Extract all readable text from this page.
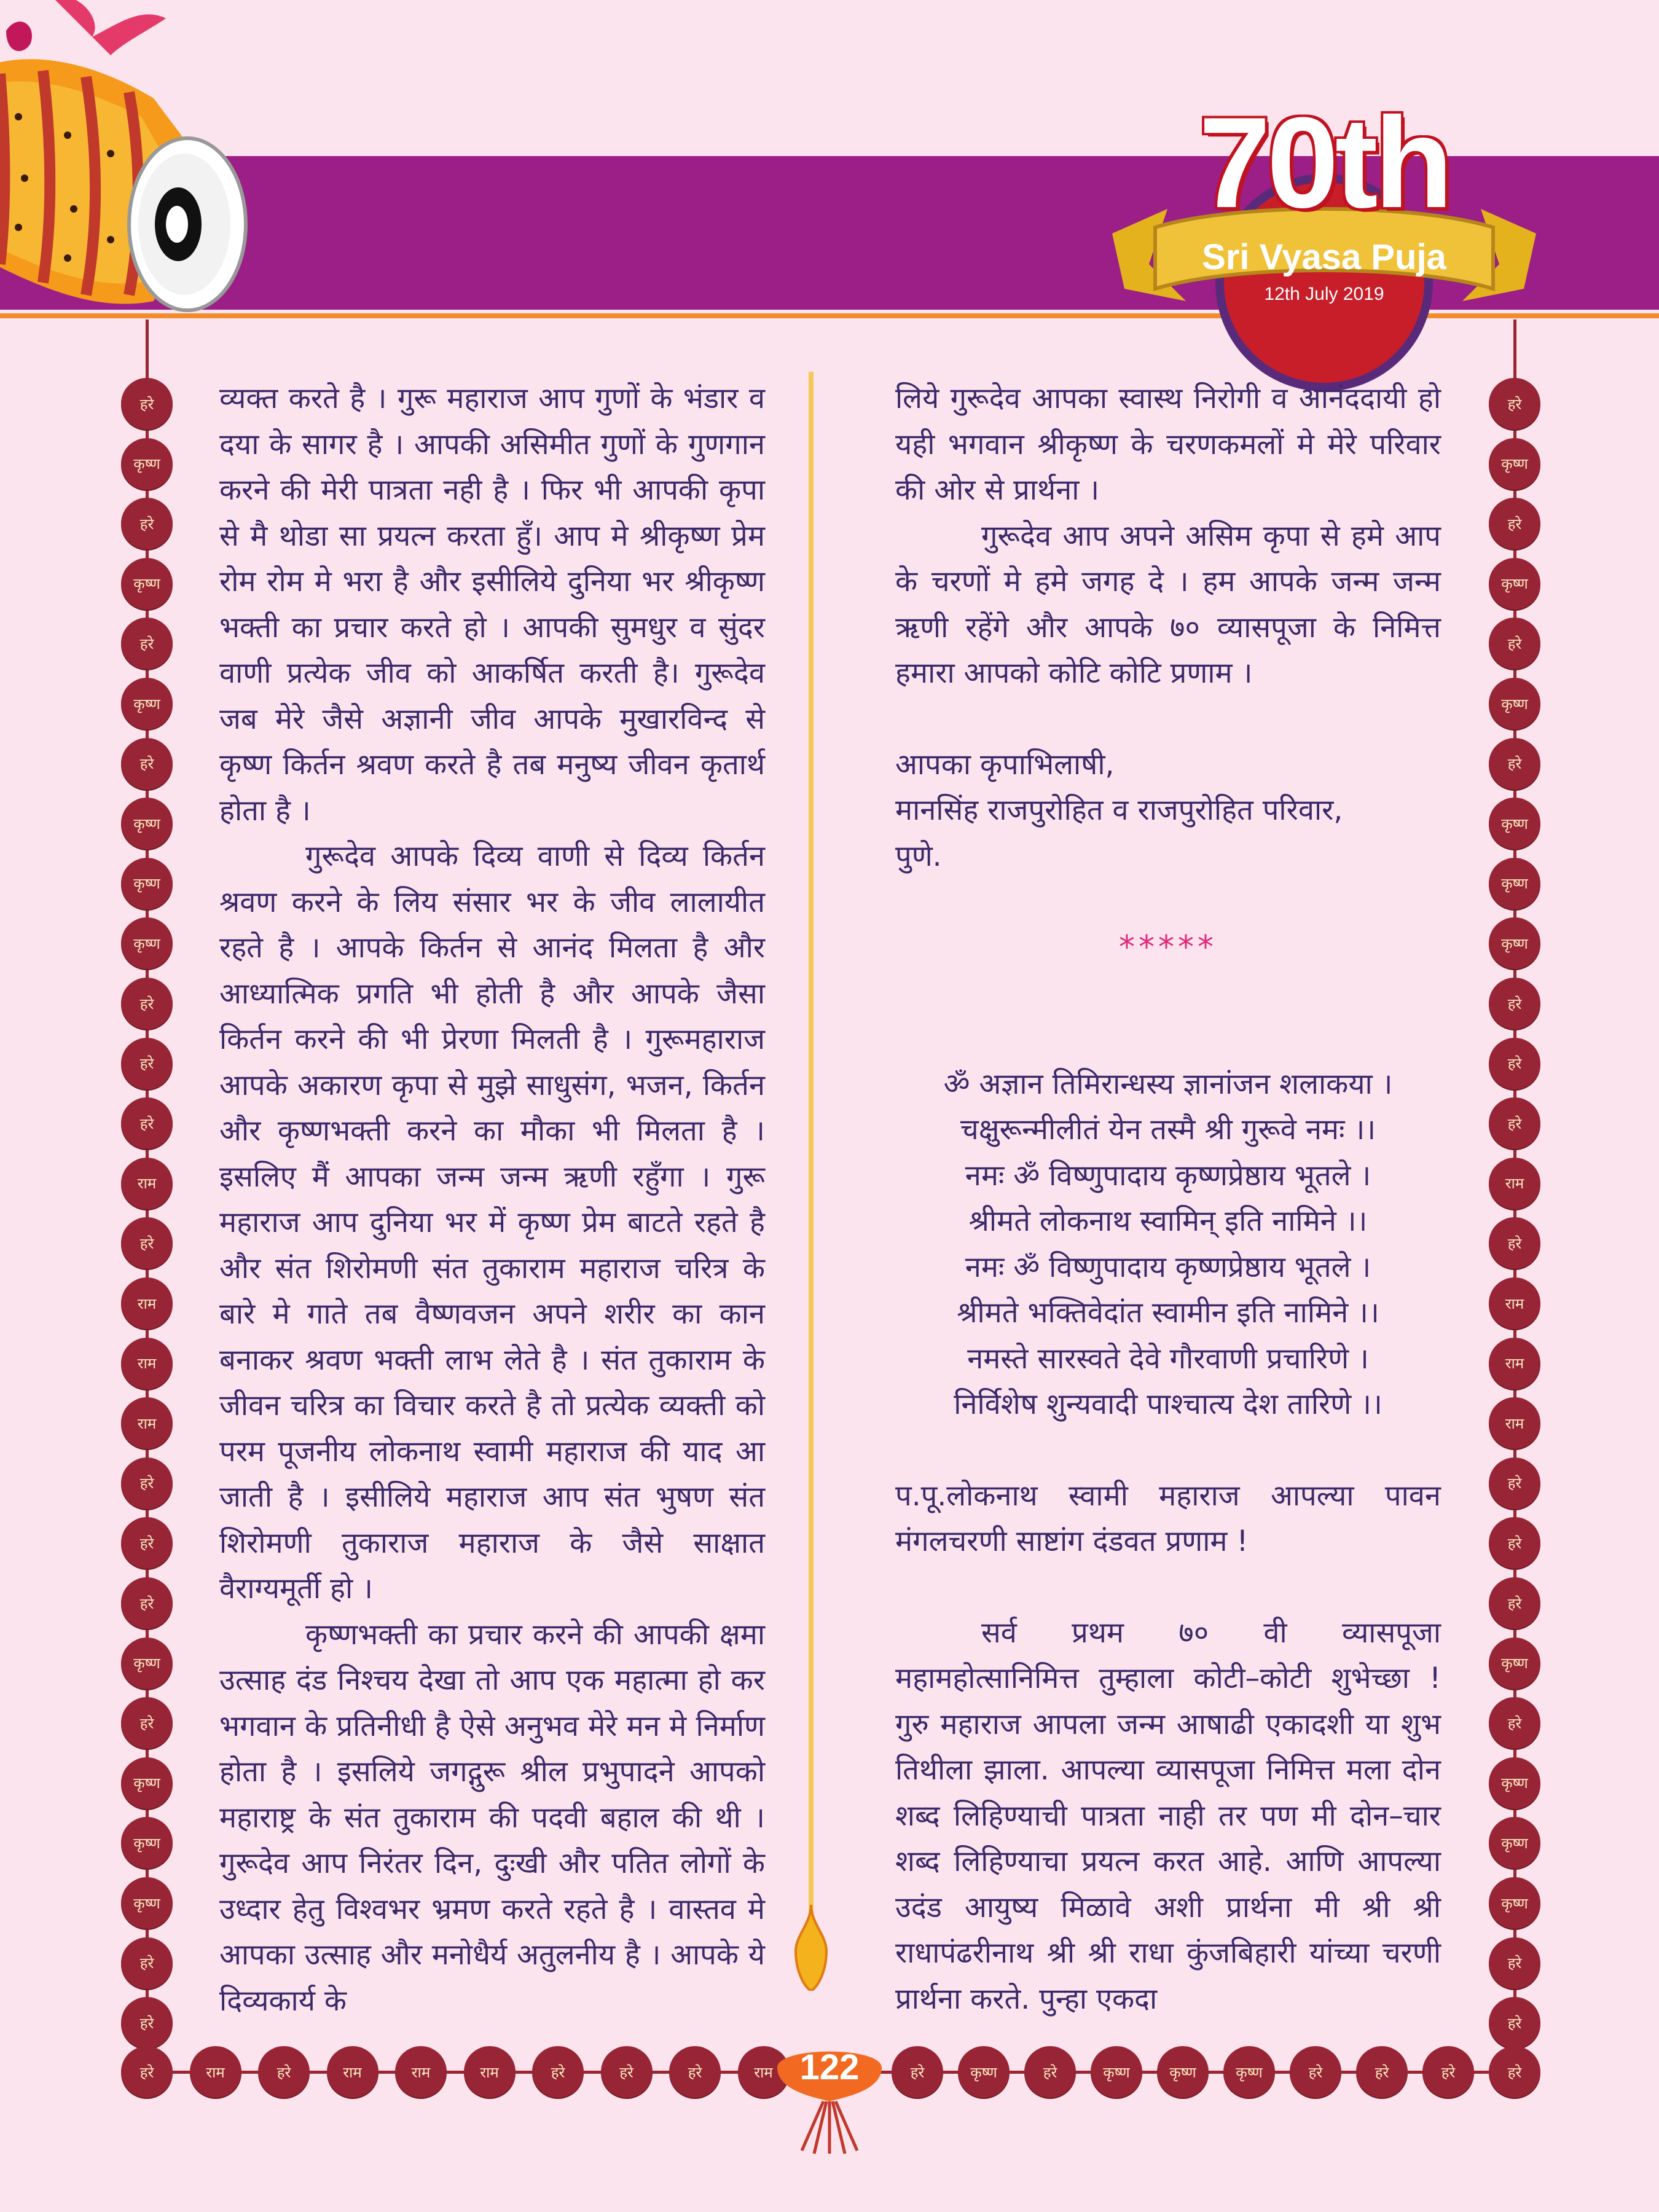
70th
Sri Vyasa Puja
12th July 2019
हरे
कृष्ण
हरे
कृष्ण
हरे
कृष्ण
हरे
कृष्ण
कृष्ण
कृष्ण
हरे
हरे
हरे
राम
हरे
राम
राम
राम
हरे
हरे
हरे
कृष्ण
हरे
कृष्ण
कृष्ण
कृष्ण
हरे
हरे
हरे
कृष्ण
हरे
कृष्ण
हरे
कृष्ण
हरे
कृष्ण
कृष्ण
कृष्ण
हरे
हरे
हरे
राम
हरे
राम
राम
राम
हरे
हरे
हरे
कृष्ण
हरे
कृष्ण
कृष्ण
कृष्ण
हरे
हरे
हरे	राम	हरे	राम	राम	राम	हरे	हरे	हरे	राम	हरे	कृष्ण	हरे	कृष्ण	कृष्ण	कृष्ण	हरे	हरे	हरे	हरे

व्यक्त करते है । गुरू महाराज आप गुणों के भंडार व दया के सागर है । आपकी असिमीत गुणों के गुणगान करने की मेरी पात्रता नही है । फिर भी आपकी कृपा से मै थोडा सा प्रयत्न करता हुँ। आप मे श्रीकृष्ण प्रेम रोम रोम मे भरा है और इसीलिये दुनिया भर श्रीकृष्ण भक्ती का प्रचार करते हो । आपकी सुमधुर व सुंदर वाणी प्रत्येक जीव को आकर्षित करती है। गुरूदेव जब मेरे जैसे अज्ञानी जीव आपके मुखारविन्द से कृष्ण किर्तन श्रवण करते है तब मनुष्य जीवन कृतार्थ होता है ।

गुरूदेव आपके दिव्य वाणी से दिव्य किर्तन श्रवण करने के लिय संसार भर के जीव लालायीत रहते है । आपके किर्तन से आनंद मिलता है और आध्यात्मिक प्रगति भी होती है और आपके जैसा किर्तन करने की भी प्रेरणा मिलती है । गुरूमहाराज आपके अकारण कृपा से मुझे साधुसंग, भजन, किर्तन और कृष्णभक्ती करने का मौका भी मिलता है । इसलिए मैं आपका जन्म जन्म ऋणी रहुँगा । गुरू महाराज आप दुनिया भर में कृष्ण प्रेम बाटते रहते है और संत शिरोमणी संत तुकाराम महाराज चरित्र के बारे मे गाते तब वैष्णवजन अपने शरीर का कान बनाकर श्रवण भक्ती लाभ लेते है । संत तुकाराम के जीवन चरित्र का विचार करते है तो प्रत्येक व्यक्ती को परम पूजनीय लोकनाथ स्वामी महाराज की याद आ जाती है । इसीलिये महाराज आप संत भुषण संत शिरोमणी तुकाराज महाराज के जैसे साक्षात वैराग्यमूर्ती हो ।

कृष्णभक्ती का प्रचार करने की आपकी क्षमा उत्साह दंड निश्चय देखा तो आप एक महात्मा हो कर भगवान के प्रतिनीधी है ऐसे अनुभव मेरे मन मे निर्माण होता है । इसलिये जगद्गुरू श्रील प्रभुपादने आपको महाराष्ट्र के संत तुकाराम की पदवी बहाल की थी । गुरूदेव आप निरंतर दिन, दुःखी और पतित लोगों के उध्दार हेतु विश्वभर भ्रमण करते रहते है । वास्तव मे आपका उत्साह और मनोधैर्य अतुलनीय है । आपके ये दिव्यकार्य के

लिये गुरूदेव आपका स्वास्थ निरोगी व आनंददायी हो यही भगवान श्रीकृष्ण के चरणकमलों मे मेरे परिवार की ओर से प्रार्थना ।

गुरूदेव आप अपने असिम कृपा से हमे आप के चरणों मे हमे जगह दे । हम आपके जन्म जन्म ऋणी रहेंगे और आपके ७० व्यासपूजा के निमित्त हमारा आपको कोटि कोटि प्रणाम ।

आपका कृपाभिलाषी,

मानसिंह राजपुरोहित व राजपुरोहित परिवार,

पुणे.

*****

ॐ अज्ञान तिमिरान्धस्य ज्ञानांजन शलाकया ।

चक्षुरून्मीलीतं येन तस्मै श्री गुरूवे नमः ।।

नमः ॐ विष्णुपादाय कृष्णप्रेष्ठाय भूतले ।

श्रीमते लोकनाथ स्वामिन् इति नामिने ।।

नमः ॐ विष्णुपादाय कृष्णप्रेष्ठाय भूतले ।

श्रीमते भक्तिवेदांत स्वामीन इति नामिने ।।

नमस्ते सारस्वते देवे गौरवाणी प्रचारिणे ।

निर्विशेष शुन्यवादी पाश्चात्य देश तारिणे ।।

प.पू.लोकनाथ स्वामी महाराज आपल्या पावन मंगलचरणी साष्टांग दंडवत प्रणाम !

सर्व प्रथम ७० वी व्यासपूजा महामहोत्सानिमित्त तुम्हाला कोटी–कोटी शुभेच्छा ! गुरु महाराज आपला जन्म आषाढी एकादशी या शुभ तिथीला झाला. आपल्या व्यासपूजा निमित्त मला दोन शब्द लिहिण्याची पात्रता नाही तर पण मी दोन–चार शब्द लिहिण्याचा प्रयत्न करत आहे. आणि आपल्या उदंड आयुष्य मिळावे अशी प्रार्थना मी श्री श्री राधापंढरीनाथ श्री श्री राधा कुंजबिहारी यांच्या चरणी प्रार्थना करते. पुन्हा एकदा

122
